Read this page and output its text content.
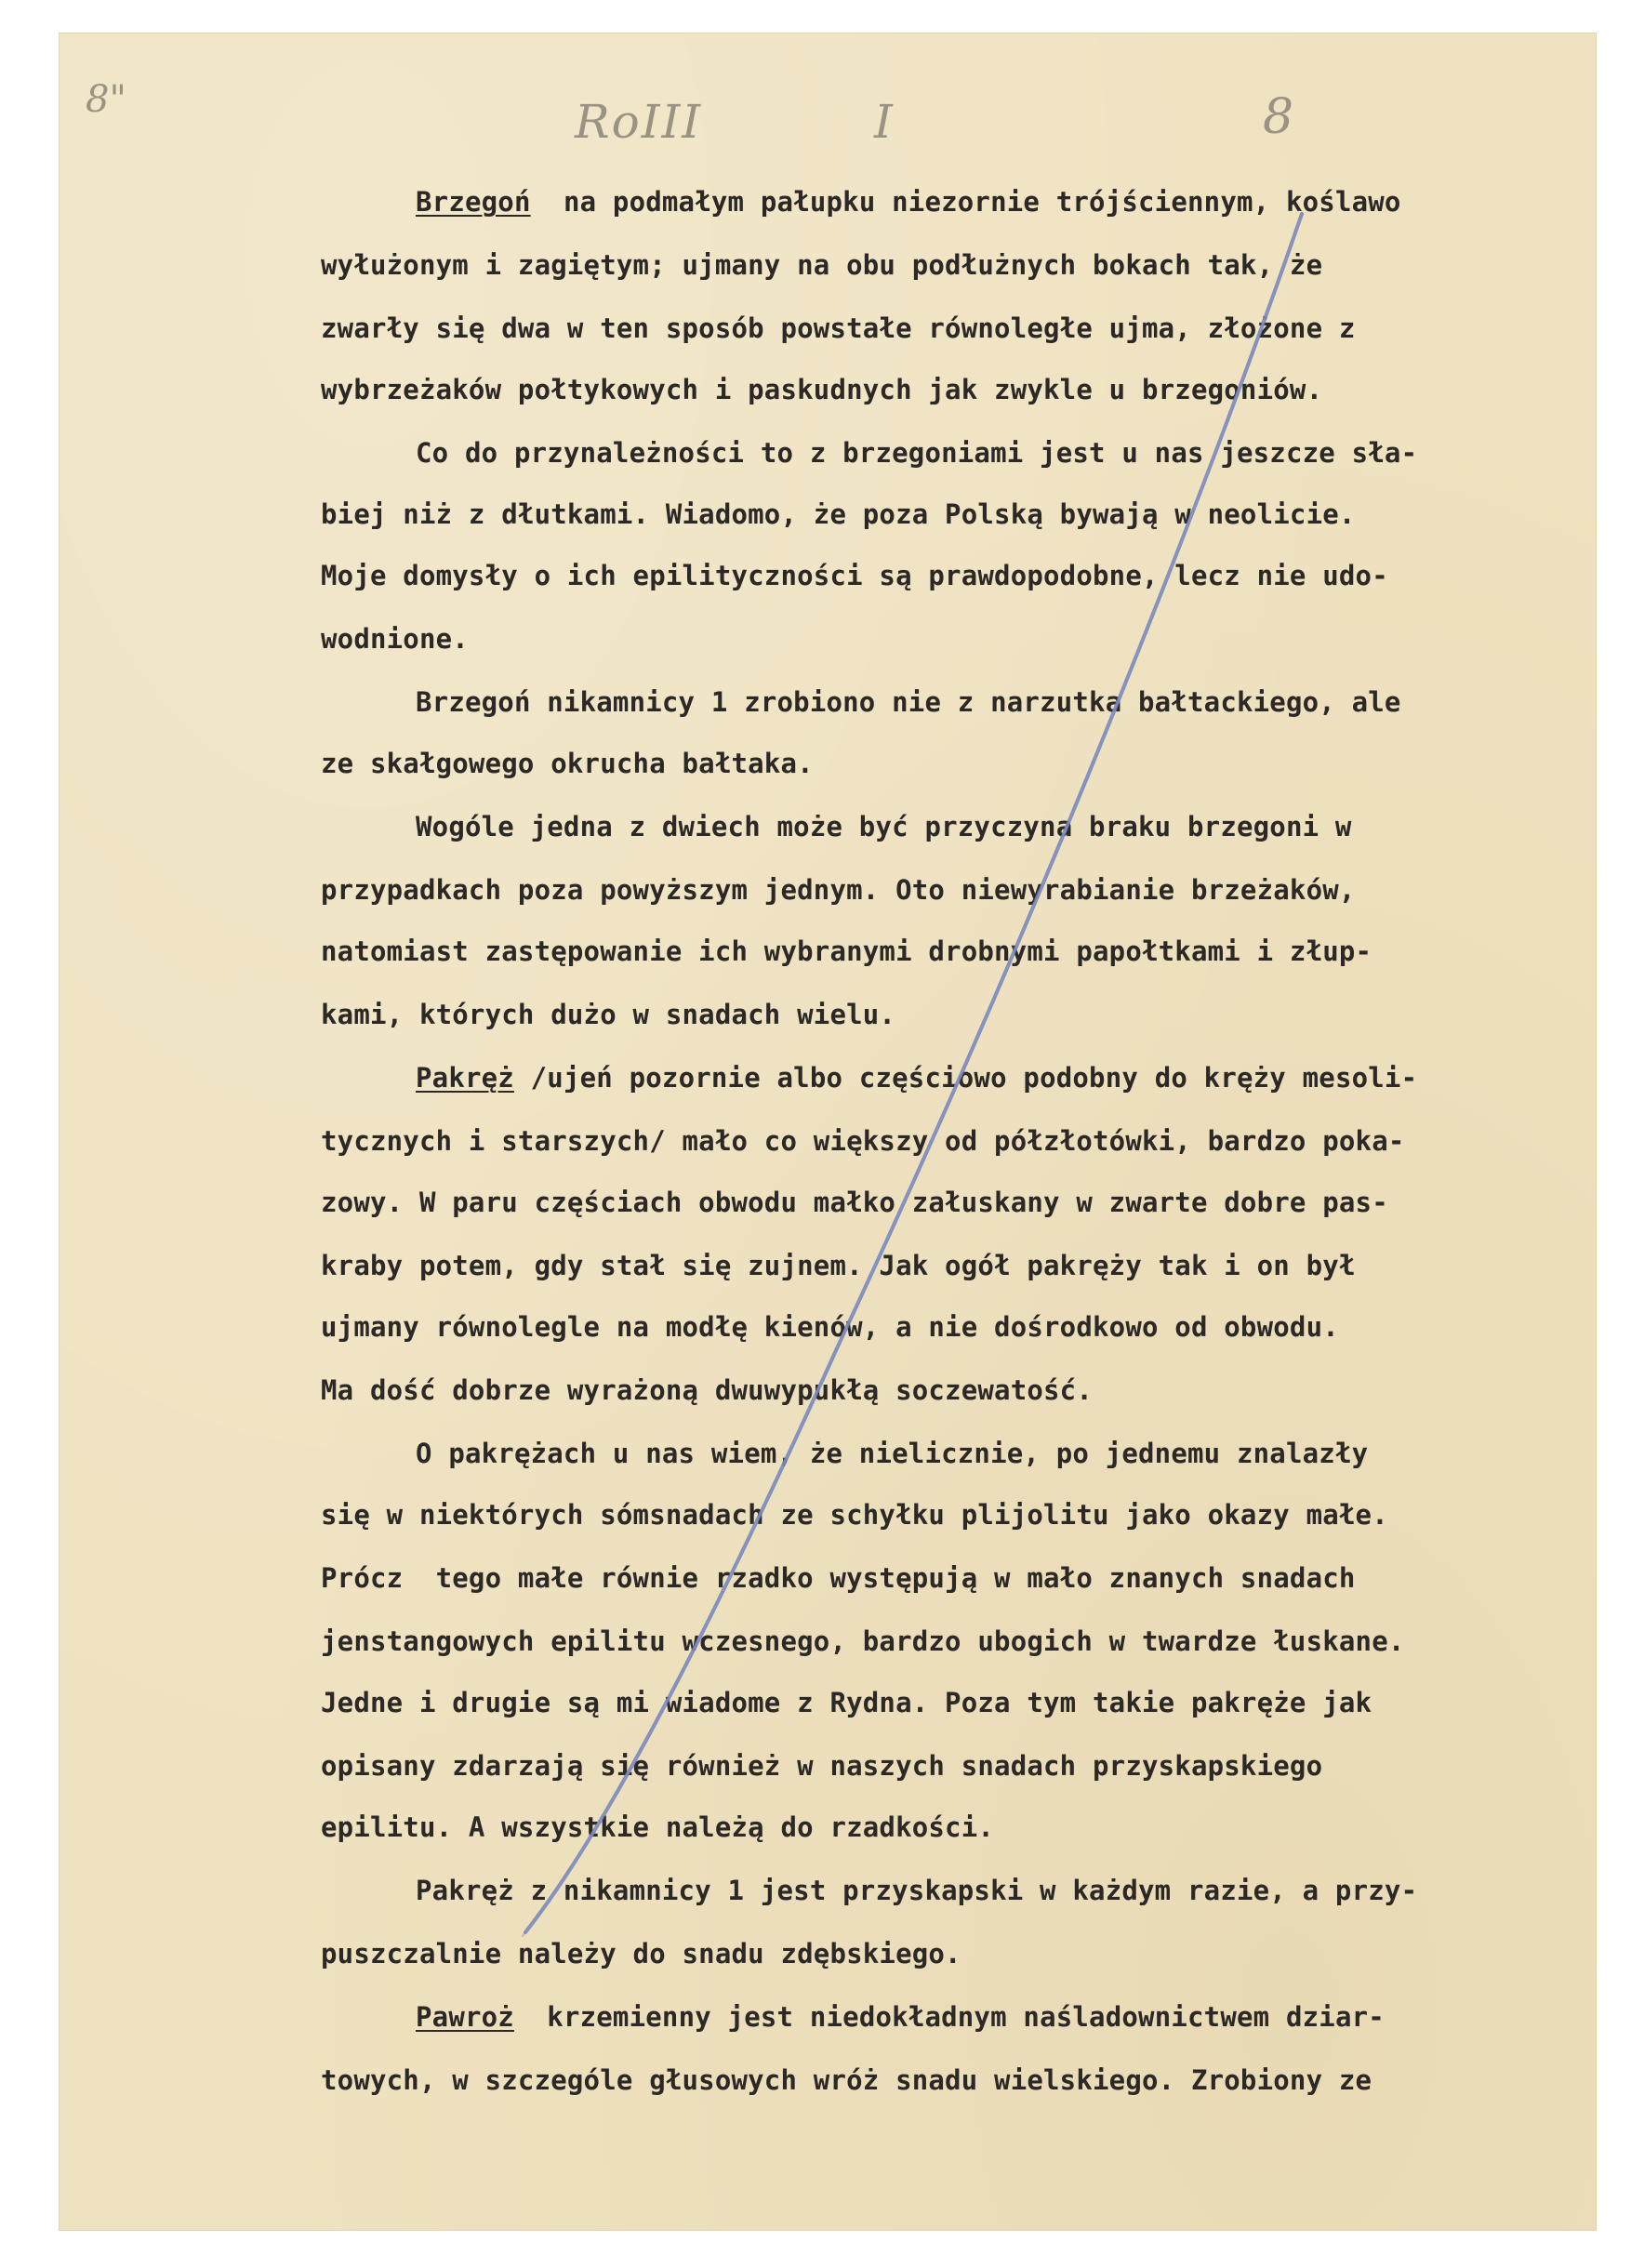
8"	RoIII	I	8
Brzegoń  na podmałym pałupku niezornie trójściennym, koślawo
wyłużonym i zagiętym; ujmany na obu podłużnych bokach tak, że
zwarły się dwa w ten sposób powstałe równoległe ujma, złożone z
wybrzeżaków połtykowych i paskudnych jak zwykle u brzegoniów.
Co do przynależności to z brzegoniami jest u nas jeszcze sła-
biej niż z dłutkami. Wiadomo, że poza Polską bywają w neolicie.
Moje domysły o ich epilityczności są prawdopodobne, lecz nie udo-
wodnione.
Brzegoń nikamnicy 1 zrobiono nie z narzutka bałtackiego, ale
ze skałgowego okrucha bałtaka.
Wogóle jedna z dwiech może być przyczyna braku brzegoni w
przypadkach poza powyższym jednym. Oto niewyrabianie brzeżaków,
natomiast zastępowanie ich wybranymi drobnymi papołtkami i złup-
kami, których dużo w snadach wielu.
Pakręż /ujeń pozornie albo częściowo podobny do kręży mesoli-
tycznych i starszych/ mało co większy od półzłotówki, bardzo poka-
zowy. W paru częściach obwodu małko załuskany w zwarte dobre pas-
kraby potem, gdy stał się zujnem. Jak ogół pakręży tak i on był
ujmany równolegle na modłę kienów, a nie dośrodkowo od obwodu.
Ma dość dobrze wyrażoną dwuwypukłą soczewatość.
O pakrężach u nas wiem, że nielicznie, po jednemu znalazły
się w niektórych sómsnadach ze schyłku plijolitu jako okazy małe.
Prócz  tego małe równie rzadko występują w mało znanych snadach
jenstangowych epilitu wczesnego, bardzo ubogich w twardze łuskane.
Jedne i drugie są mi wiadome z Rydna. Poza tym takie pakręże jak
opisany zdarzają się również w naszych snadach przyskapskiego
epilitu. A wszystkie należą do rzadkości.
Pakręż z nikamnicy 1 jest przyskapski w każdym razie, a przy-
puszczalnie należy do snadu zdębskiego.
Pawroż  krzemienny jest niedokładnym naśladownictwem dziar-
towych, w szczególe głusowych wróż snadu wielskiego. Zrobiony ze
